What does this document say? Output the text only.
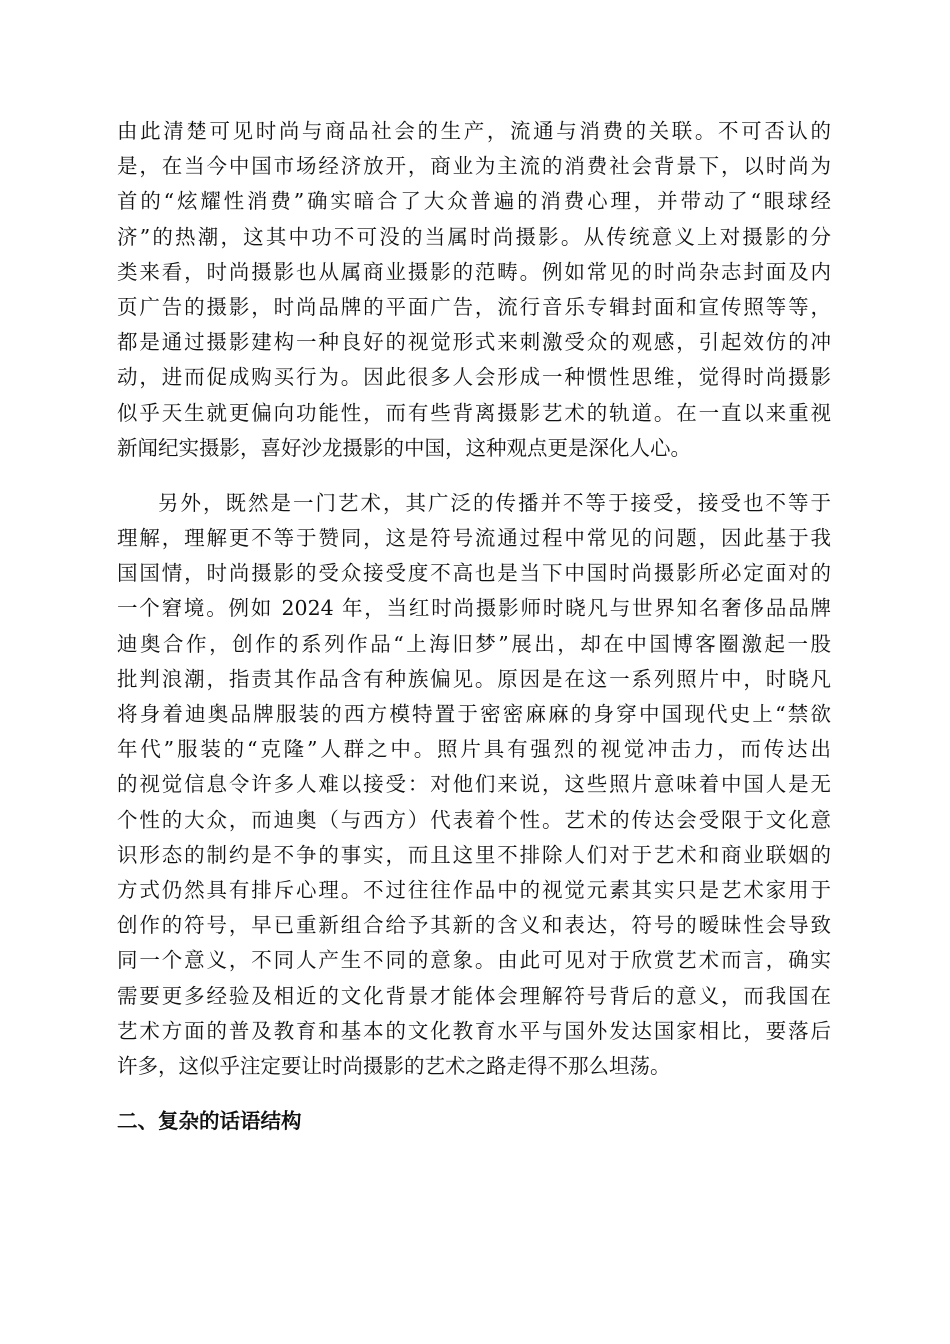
由此清楚可见时尚与商品社会的生产，流通与消费的关联。不可否认的
是，在当今中国市场经济放开，商业为主流的消费社会背景下，以时尚为
首的“炫耀性消费”确实暗合了大众普遍的消费心理，并带动了“眼球经
济”的热潮，这其中功不可没的当属时尚摄影。从传统意义上对摄影的分
类来看，时尚摄影也从属商业摄影的范畴。例如常见的时尚杂志封面及内
页广告的摄影，时尚品牌的平面广告，流行音乐专辑封面和宣传照等等，
都是通过摄影建构一种良好的视觉形式来刺激受众的观感，引起效仿的冲
动，进而促成购买行为。因此很多人会形成一种惯性思维，觉得时尚摄影
似乎天生就更偏向功能性，而有些背离摄影艺术的轨道。在一直以来重视
新闻纪实摄影，喜好沙龙摄影的中国，这种观点更是深化人心。
另外，既然是一门艺术，其广泛的传播并不等于接受，接受也不等于
理解，理解更不等于赞同，这是符号流通过程中常见的问题，因此基于我
国国情，时尚摄影的受众接受度不高也是当下中国时尚摄影所必定面对的
一个窘境。例如 2024 年，当红时尚摄影师时晓凡与世界知名奢侈品品牌
迪奥合作，创作的系列作品“上海旧梦”展出，却在中国博客圈激起一股
批判浪潮，指责其作品含有种族偏见。原因是在这一系列照片中，时晓凡
将身着迪奥品牌服装的西方模特置于密密麻麻的身穿中国现代史上“禁欲
年代”服装的“克隆”人群之中。照片具有强烈的视觉冲击力，而传达出
的视觉信息令许多人难以接受：对他们来说，这些照片意味着中国人是无
个性的大众，而迪奥（与西方）代表着个性。艺术的传达会受限于文化意
识形态的制约是不争的事实，而且这里不排除人们对于艺术和商业联姻的
方式仍然具有排斥心理。不过往往作品中的视觉元素其实只是艺术家用于
创作的符号，早已重新组合给予其新的含义和表达，符号的暧昧性会导致
同一个意义，不同人产生不同的意象。由此可见对于欣赏艺术而言，确实
需要更多经验及相近的文化背景才能体会理解符号背后的意义，而我国在
艺术方面的普及教育和基本的文化教育水平与国外发达国家相比，要落后
许多，这似乎注定要让时尚摄影的艺术之路走得不那么坦荡。
二、复杂的话语结构
